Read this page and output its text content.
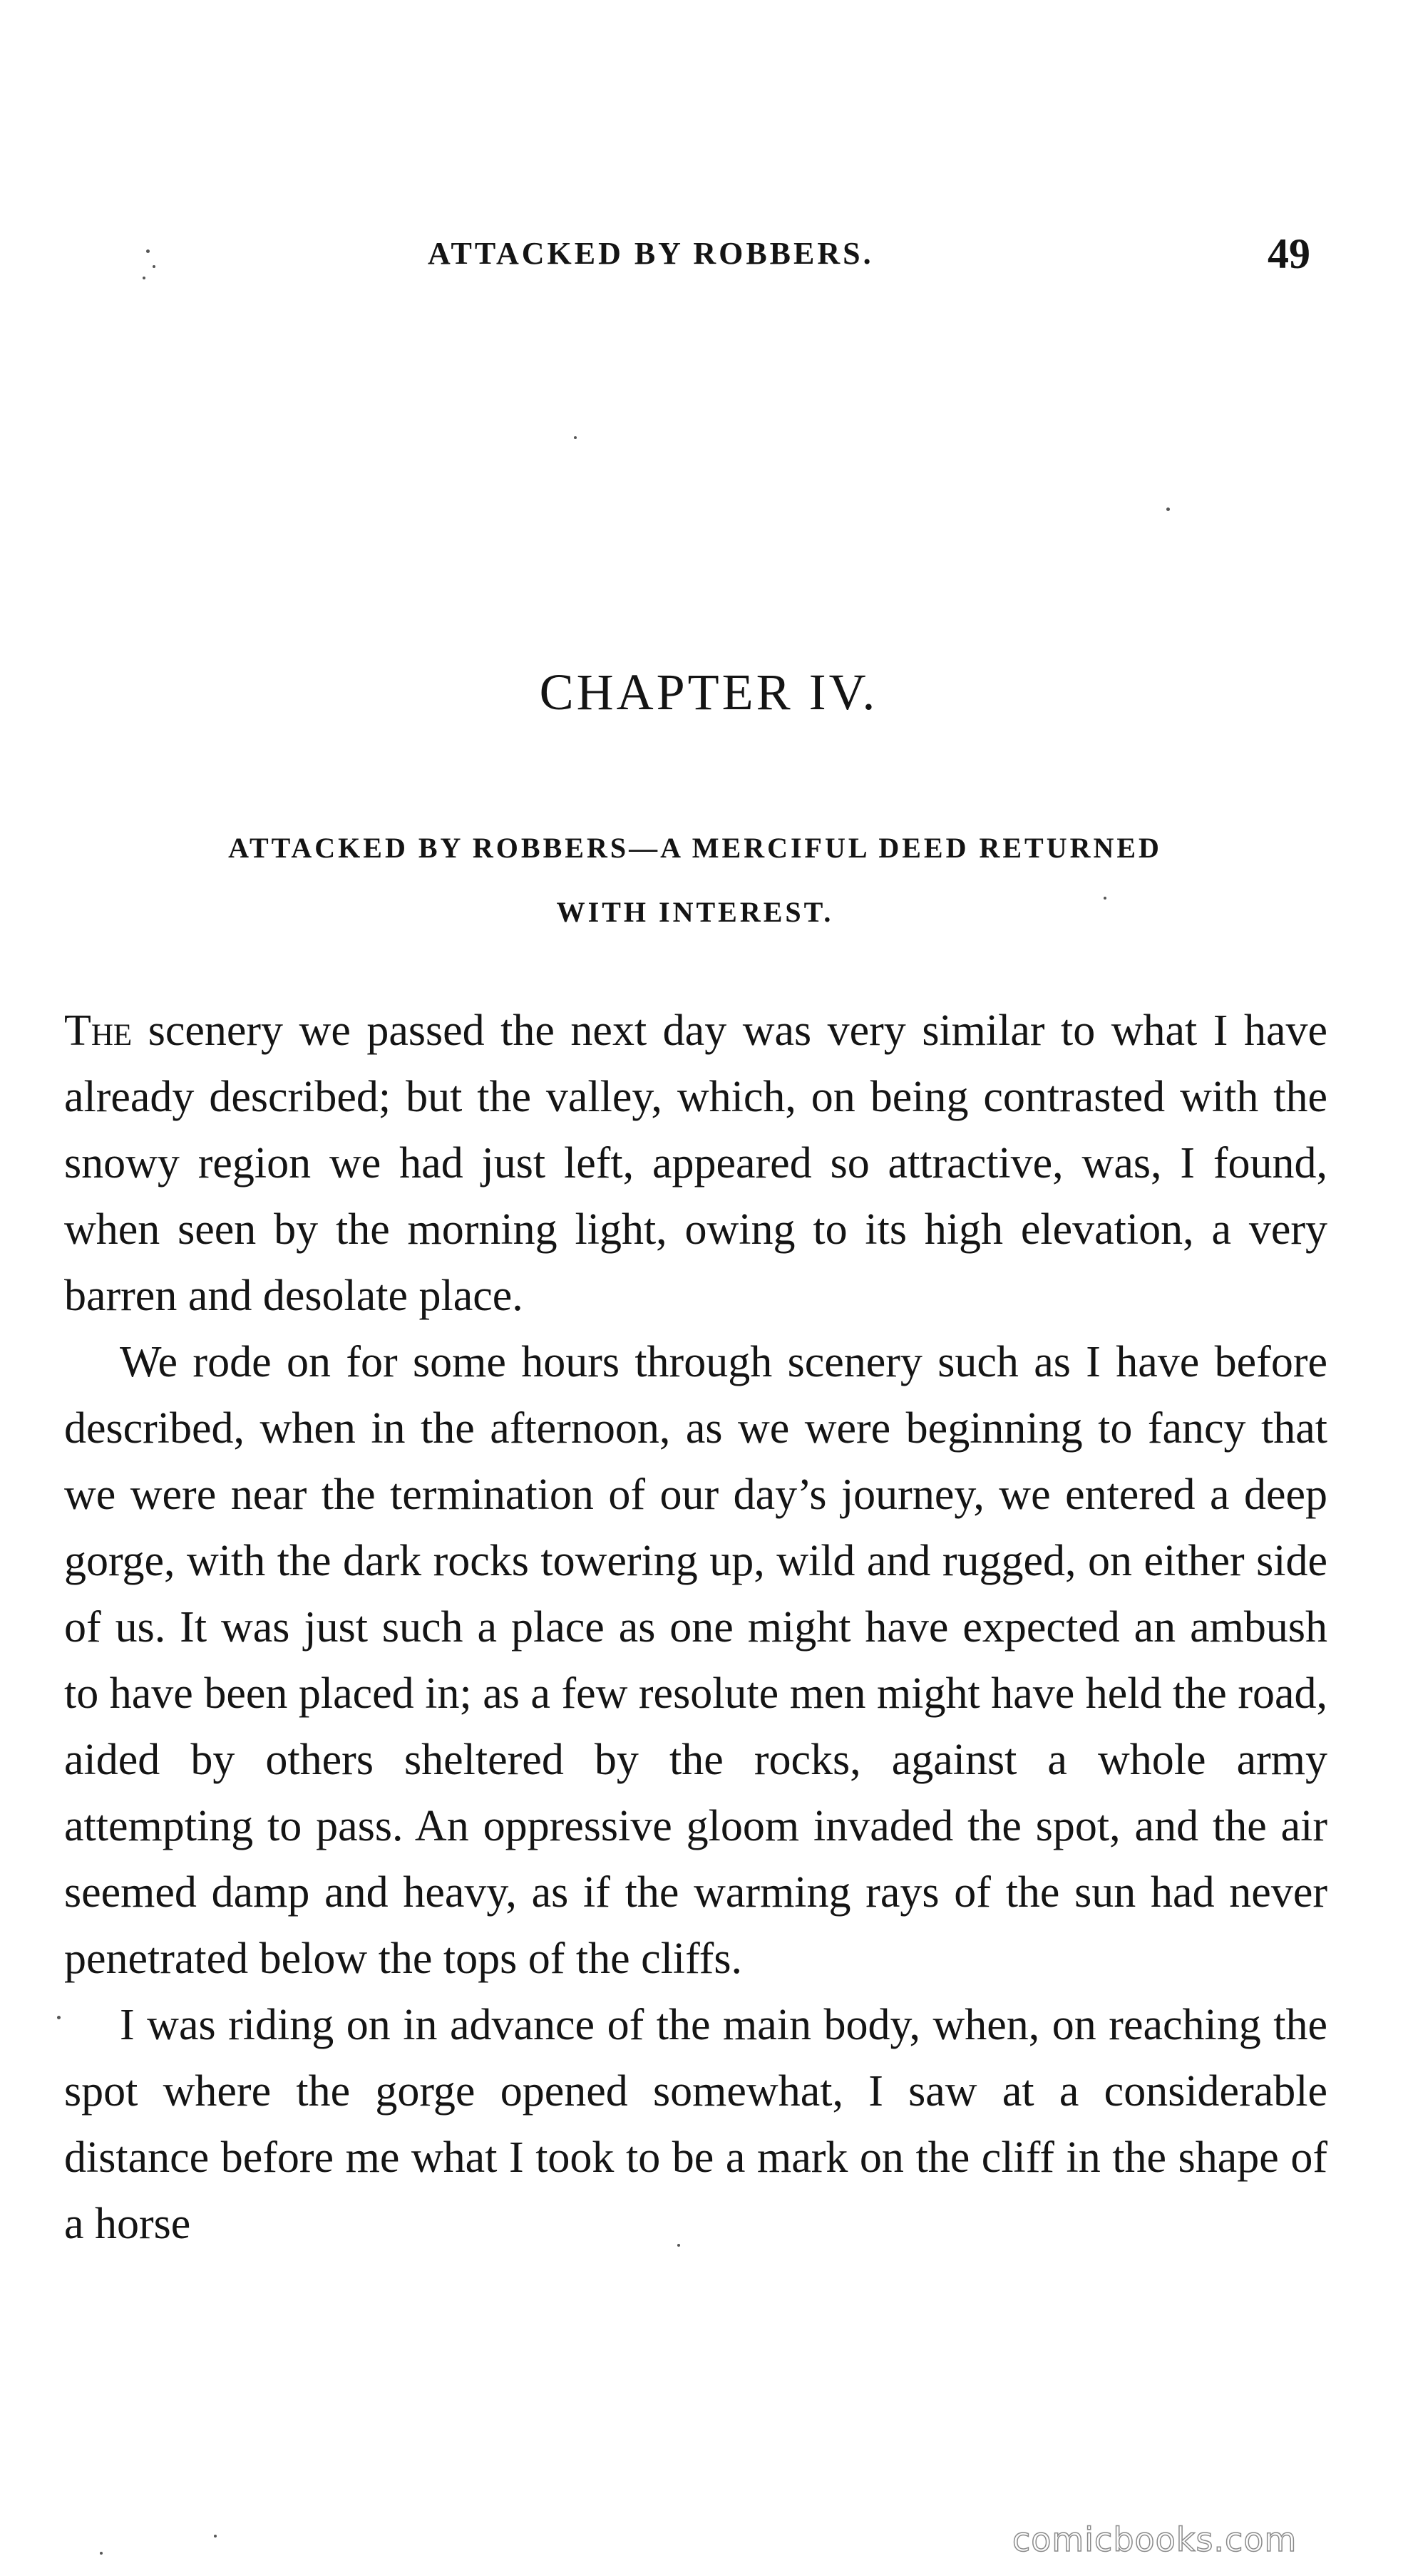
ATTACKED BY ROBBERS.	49
CHAPTER IV.
ATTACKED BY ROBBERS—A MERCIFUL DEED RETURNED
WITH INTEREST.

The scenery we passed the next day was very similar to what I have already described; but the valley, which, on being contrasted with the snowy region we had just left, appeared so attractive, was, I found, when seen by the morning light, owing to its high elevation, a very barren and desolate place.

We rode on for some hours through scenery such as I have before described, when in the afternoon, as we were beginning to fancy that we were near the termination of our day’s journey, we entered a deep gorge, with the dark rocks towering up, wild and rugged, on either side of us. It was just such a place as one might have expected an ambush to have been placed in; as a few resolute men might have held the road, aided by others sheltered by the rocks, against a whole army attempting to pass. An oppressive gloom invaded the spot, and the air seemed damp and heavy, as if the warming rays of the sun had never penetrated below the tops of the cliffs.

I was riding on in advance of the main body, when, on reaching the spot where the gorge opened somewhat, I saw at a considerable distance before me what I took to be a mark on the cliff in the shape of a horse

comicbooks.com
